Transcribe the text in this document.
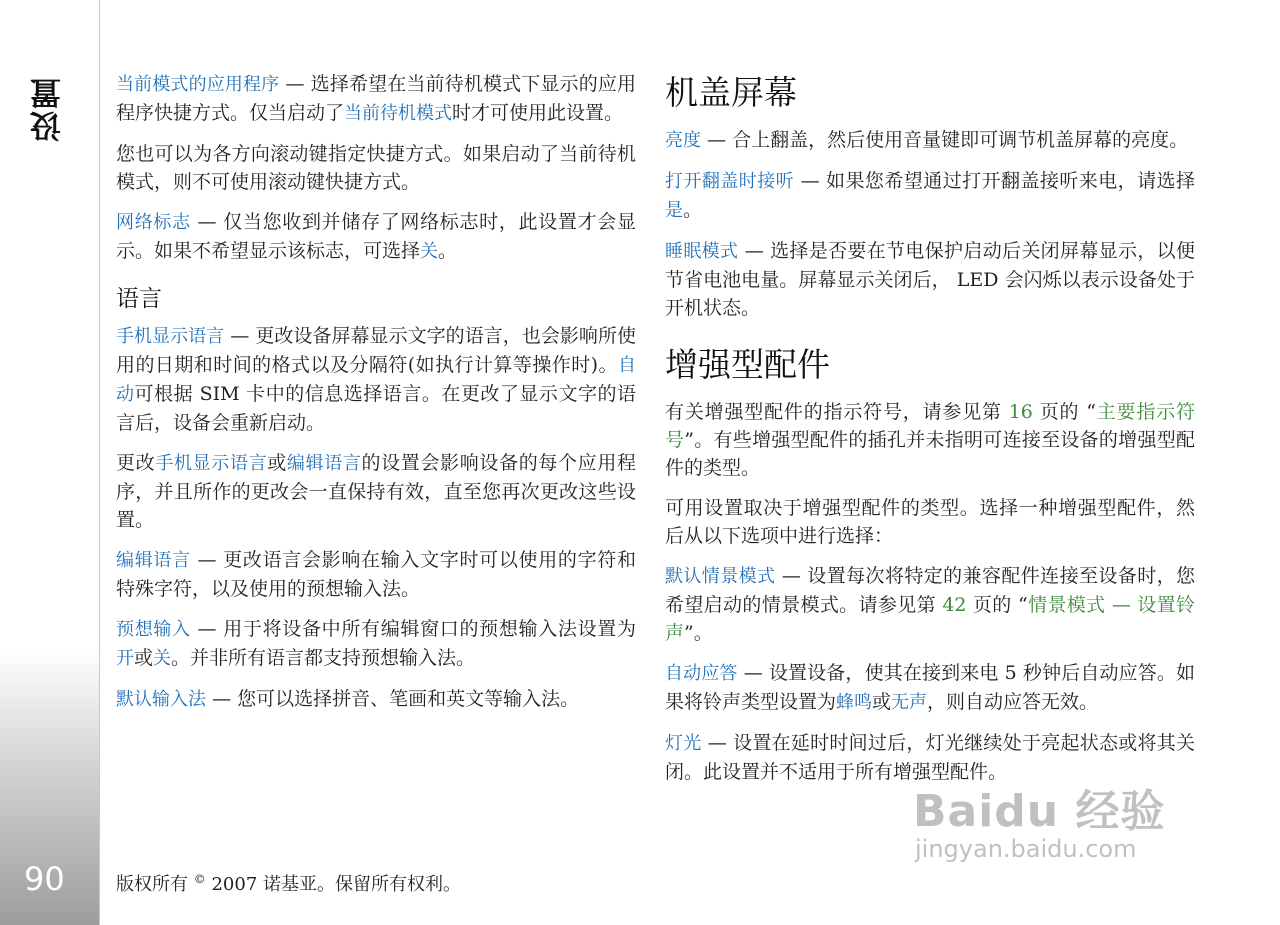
设置
90

当前模式的应用程序 — 选择希望在当前待机模式下显示的应用程序快捷方式。仅当启动了当前待机模式时才可使用此设置。

您也可以为各方向滚动键指定快捷方式。如果启动了当前待机模式，则不可使用滚动键快捷方式。

网络标志 — 仅当您收到并储存了网络标志时，此设置才会显示。如果不希望显示该标志，可选择关。

语言

手机显示语言 — 更改设备屏幕显示文字的语言，也会影响所使用的日期和时间的格式以及分隔符(如执行计算等操作时)。自动可根据 SIM 卡中的信息选择语言。在更改了显示文字的语言后，设备会重新启动。

更改手机显示语言或编辑语言的设置会影响设备的每个应用程序，并且所作的更改会一直保持有效，直至您再次更改这些设置。

编辑语言 — 更改语言会影响在输入文字时可以使用的字符和特殊字符，以及使用的预想输入法。

预想输入 — 用于将设备中所有编辑窗口的预想输入法设置为开或关。并非所有语言都支持预想输入法。

默认输入法 — 您可以选择拼音、笔画和英文等输入法。

机盖屏幕

亮度 — 合上翻盖，然后使用音量键即可调节机盖屏幕的亮度。

打开翻盖时接听 — 如果您希望通过打开翻盖接听来电，请选择是。

睡眠模式 — 选择是否要在节电保护启动后关闭屏幕显示，以便节省电池电量。屏幕显示关闭后， LED 会闪烁以表示设备处于开机状态。

增强型配件

有关增强型配件的指示符号，请参见第 16 页的 “主要指示符号”。有些增强型配件的插孔并未指明可连接至设备的增强型配件的类型。

可用设置取决于增强型配件的类型。选择一种增强型配件，然后从以下选项中进行选择：

默认情景模式 — 设置每次将特定的兼容配件连接至设备时，您希望启动的情景模式。请参见第 42 页的 “情景模式 — 设置铃声”。

自动应答 — 设置设备，使其在接到来电 5 秒钟后自动应答。如果将铃声类型设置为蜂鸣或无声，则自动应答无效。

灯光 — 设置在延时时间过后，灯光继续处于亮起状态或将其关闭。此设置并不适用于所有增强型配件。

版权所有 © 2007 诺基亚。保留所有权利。
Baidu 经验
jingyan.baidu.com
